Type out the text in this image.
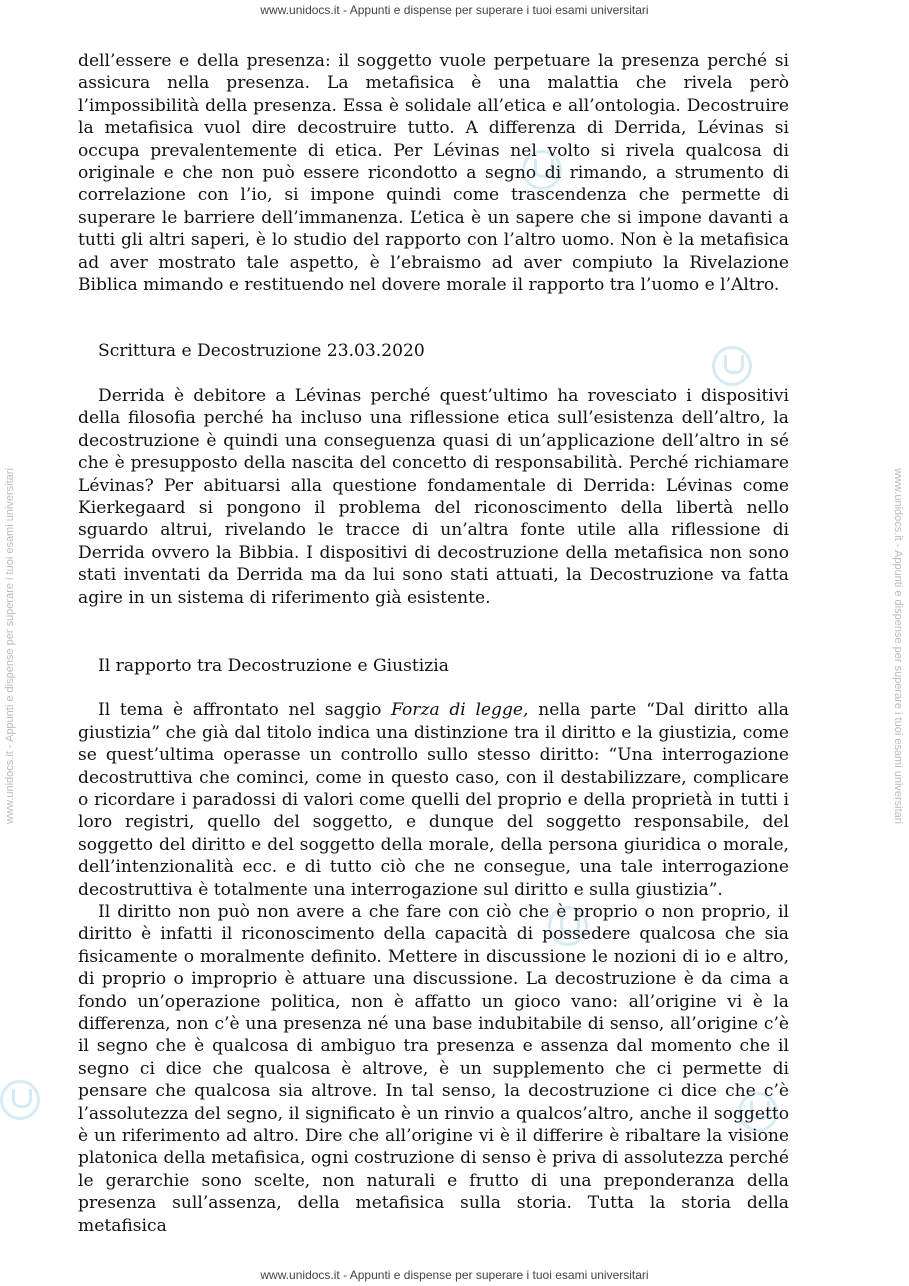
www.unidocs.it - Appunti e dispense per superare i tuoi esami universitari
www.unidocs.it - Appunti e dispense per superare i tuoi esami universitari	www.unidocs.it - Appunti e dispense per superare i tuoi esami universitari

dell’essere e della presenza: il soggetto vuole perpetuare la presenza perché si assicura nella presenza. La metafisica è una malattia che rivela però l’impossibilità della presenza. Essa è solidale all’etica e all’ontologia. Decostruire la metafisica vuol dire decostruire tutto. A differenza di Derrida, Lévinas si occupa prevalentemente di etica. Per Lévinas nel volto si rivela qualcosa di originale e che non può essere ricondotto a segno di rimando, a strumento di correlazione con l’io, si impone quindi come trascendenza che permette di superare le barriere dell’immanenza. L’etica è un sapere che si impone davanti a tutti gli altri saperi, è lo studio del rapporto con l’altro uomo. Non è la metafisica ad aver mostrato tale aspetto, è l’ebraismo ad aver compiuto la Rivelazione Biblica mimando e restituendo nel dovere morale il rapporto tra l’uomo e l’Altro.

Scrittura e Decostruzione 23.03.2020

Derrida è debitore a Lévinas perché quest’ultimo ha rovesciato i dispositivi della filosofia perché ha incluso una riflessione etica sull’esistenza dell’altro, la decostruzione è quindi una conseguenza quasi di un’applicazione dell’altro in sé che è presupposto della nascita del concetto di responsabilità. Perché richiamare Lévinas? Per abituarsi alla questione fondamentale di Derrida: Lévinas come Kierkegaard si pongono il problema del riconoscimento della libertà nello sguardo altrui, rivelando le tracce di un’altra fonte utile alla riflessione di Derrida ovvero la Bibbia. I dispositivi di decostruzione della metafisica non sono stati inventati da Derrida ma da lui sono stati attuati, la Decostruzione va fatta agire in un sistema di riferimento già esistente.

Il rapporto tra Decostruzione e Giustizia

Il tema è affrontato nel saggio Forza di legge, nella parte “Dal diritto alla giustizia” che già dal titolo indica una distinzione tra il diritto e la giustizia, come se quest’ultima operasse un controllo sullo stesso diritto: “Una interrogazione decostruttiva che cominci, come in questo caso, con il destabilizzare, complicare o ricordare i paradossi di valori come quelli del proprio e della proprietà in tutti i loro registri, quello del soggetto, e dunque del soggetto responsabile, del soggetto del diritto e del soggetto della morale, della persona giuridica o morale, dell’intenzionalità ecc. e di tutto ciò che ne consegue, una tale interrogazione decostruttiva è totalmente una interrogazione sul diritto e sulla giustizia”.

Il diritto non può non avere a che fare con ciò che è proprio o non proprio, il diritto è infatti il riconoscimento della capacità di possedere qualcosa che sia fisicamente o moralmente definito. Mettere in discussione le nozioni di io e altro, di proprio o improprio è attuare una discussione. La decostruzione è da cima a fondo un’operazione politica, non è affatto un gioco vano: all’origine vi è la differenza, non c’è una presenza né una base indubitabile di senso, all’origine c’è il segno che è qualcosa di ambiguo tra presenza e assenza dal momento che il segno ci dice che qualcosa è altrove, è un supplemento che ci permette di pensare che qualcosa sia altrove. In tal senso, la decostruzione ci dice che c’è l’assolutezza del segno, il significato è un rinvio a qualcos’altro, anche il soggetto è un riferimento ad altro. Dire che all’origine vi è il differire è ribaltare la visione platonica della metafisica, ogni costruzione di senso è priva di assolutezza perché le gerarchie sono scelte, non naturali e frutto di una preponderanza della presenza sull’assenza, della metafisica sulla storia. Tutta la storia della metafisica

www.unidocs.it - Appunti e dispense per superare i tuoi esami universitari
